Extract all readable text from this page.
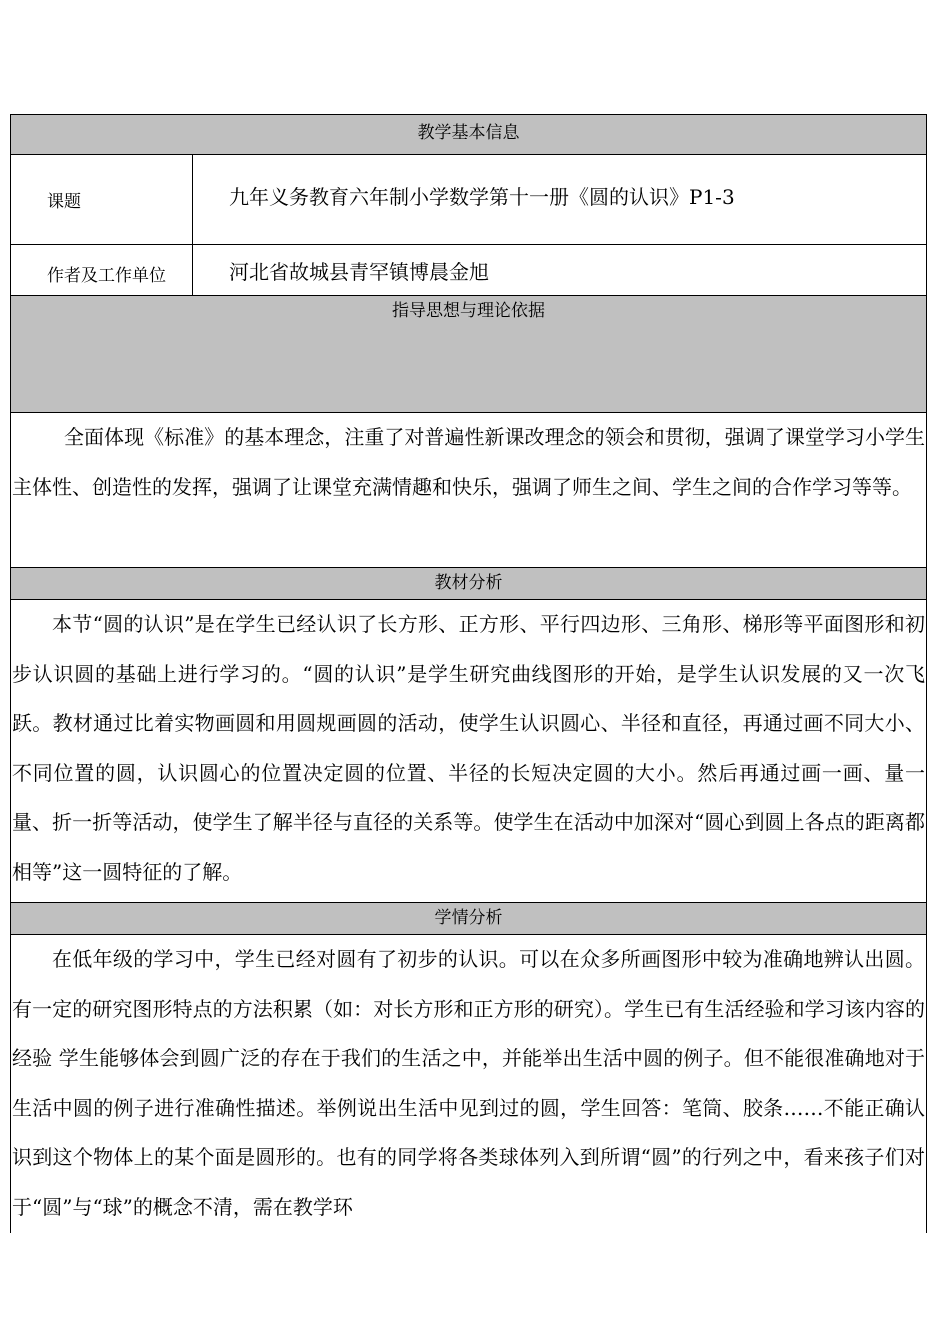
教学基本信息
课题	九年义务教育六年制小学数学第十一册《圆的认识》P1-3
作者及工作单位	河北省故城县青罕镇博晨金旭
指导思想与理论依据
全面体现《标准》的基本理念，注重了对普遍性新课改理念的领会和贯彻，强调了课堂学习小学生主体性、创造性的发挥，强调了让课堂充满情趣和快乐，强调了师生之间、学生之间的合作学习等等。
教材分析
本节“圆的认识”是在学生已经认识了长方形、正方形、平行四边形、三角形、梯形等平面图形和初步认识圆的基础上进行学习的。“圆的认识”是学生研究曲线图形的开始，是学生认识发展的又一次飞跃。教材通过比着实物画圆和用圆规画圆的活动，使学生认识圆心、半径和直径，再通过画不同大小、不同位置的圆，认识圆心的位置决定圆的位置、半径的长短决定圆的大小。然后再通过画一画、量一量、折一折等活动，使学生了解半径与直径的关系等。使学生在活动中加深对“圆心到圆上各点的距离都相等”这一圆特征的了解。
学情分析
在低年级的学习中，学生已经对圆有了初步的认识。可以在众多所画图形中较为准确地辨认出圆。有一定的研究图形特点的方法积累（如：对长方形和正方形的研究）。学生已有生活经验和学习该内容的经验 学生能够体会到圆广泛的存在于我们的生活之中，并能举出生活中圆的例子。但不能很准确地对于生活中圆的例子进行准确性描述。举例说出生活中见到过的圆，学生回答：笔筒、胶条……不能正确认识到这个物体上的某个面是圆形的。也有的同学将各类球体列入到所谓“圆”的行列之中，看来孩子们对于“圆”与“球”的概念不清，需在教学环
